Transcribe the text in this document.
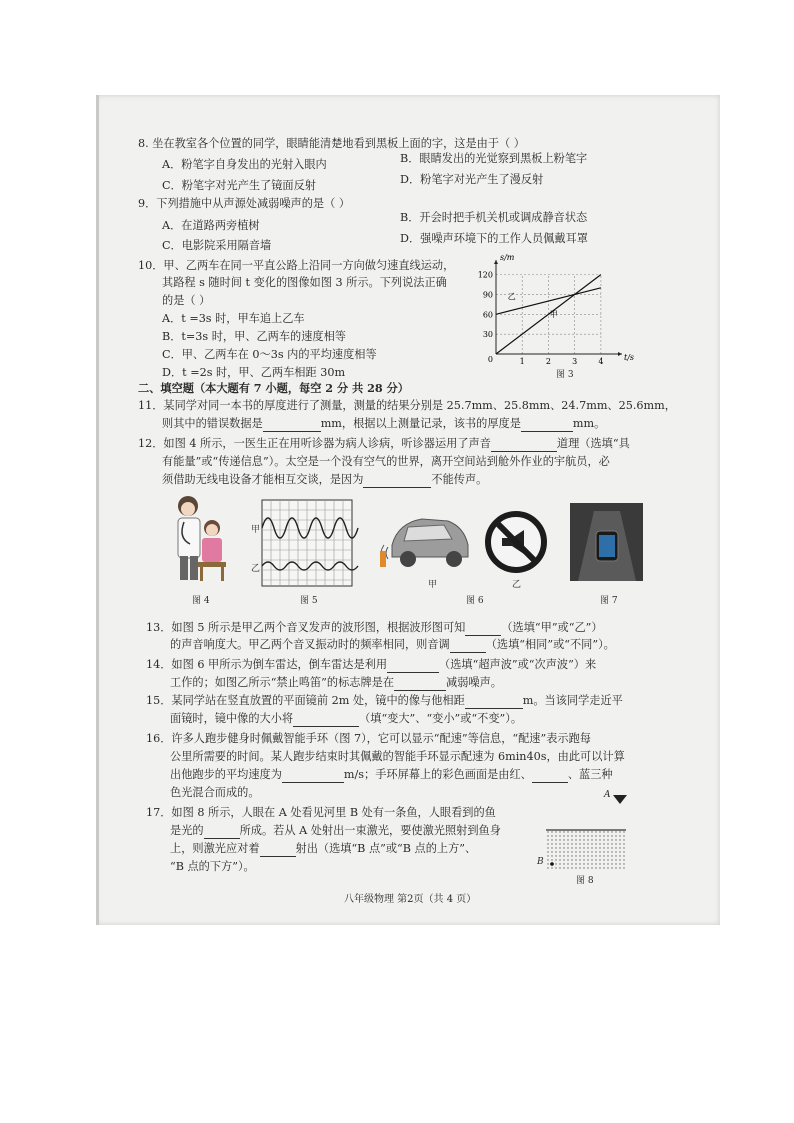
8. 坐在教室各个位置的同学，眼睛能清楚地看到黑板上面的字，这是由于（ ）
A．粉笔字自身发出的光射入眼内	B．眼睛发出的光觉察到黑板上粉笔字
C．粉笔字对光产生了镜面反射	D．粉笔字对光产生了漫反射
9．下列措施中从声源处减弱噪声的是（ ）
A．在道路两旁植树
B．开会时把手机关机或调成静音状态
C．电影院采用隔音墙
D．强噪声环境下的工作人员佩戴耳罩
10．甲、乙两车在同一平直公路上沿同一方向做匀速直线运动，
其路程 s 随时间 t 变化的图像如图 3 所示。下列说法正确
的是（ ）
A．t =3s 时，甲车追上乙车
B．t=3s 时，甲、乙两车的速度相等
C．甲、乙两车在 0～3s 内的平均速度相等
D．t =2s 时，甲、乙两车相距 30m
1	2	3	4
30
60
90
120
0	t/s
s/m
甲
乙
图 3
二、填空题（本大题有 7 小题，每空 2 分 共 28 分）
11．某同学对同一本书的厚度进行了测量，测量的结果分别是 25.7mm、25.8mm、24.7mm、25.6mm，
则其中的错误数据是	mm，根据以上测量记录，该书的厚度是	mm。
12．如图 4 所示，一医生正在用听诊器为病人诊病，听诊器运用了声音	道理（选填“具
有能量”或“传递信息”）。太空是一个没有空气的世界，离开空间站到舱外作业的宇航员，必
须借助无线电设备才能相互交谈，是因为	不能传声。
图 4
甲
乙
图 5
甲	乙
图 6	图 7
13．如图 5 所示是甲乙两个音叉发声的波形图，根据波形图可知	（选填“甲”或“乙”）
的声音响度大。甲乙两个音叉振动时的频率相同，则音调	（选填“相同”或“不同”）。
14．如图 6 甲所示为倒车雷达，倒车雷达是利用	（选填“超声波”或“次声波”）来
工作的；如图乙所示“禁止鸣笛”的标志牌是在	减弱噪声。
15．某同学站在竖直放置的平面镜前 2m 处，镜中的像与他相距	m。当该同学走近平
面镜时，镜中像的大小将	（填“变大”、“变小”或“不变”）。
16．许多人跑步健身时佩戴智能手环（图 7），它可以显示“配速”等信息，“配速”表示跑每
公里所需要的时间。某人跑步结束时其佩戴的智能手环显示配速为 6min40s，由此可以计算
出他跑步的平均速度为	m/s；手环屏幕上的彩色画面是由红、	、蓝三种
色光混合而成的。
17．如图 8 所示，人眼在 A 处看见河里 B 处有一条鱼，人眼看到的鱼
是光的	所成。若从 A 处射出一束激光，要使激光照射到鱼身
上，则激光应对着	射出（选填“B 点”或“B 点的上方”、
“B 点的下方”）。
A
B
图 8
八年级物理 第2页（共 4 页）
